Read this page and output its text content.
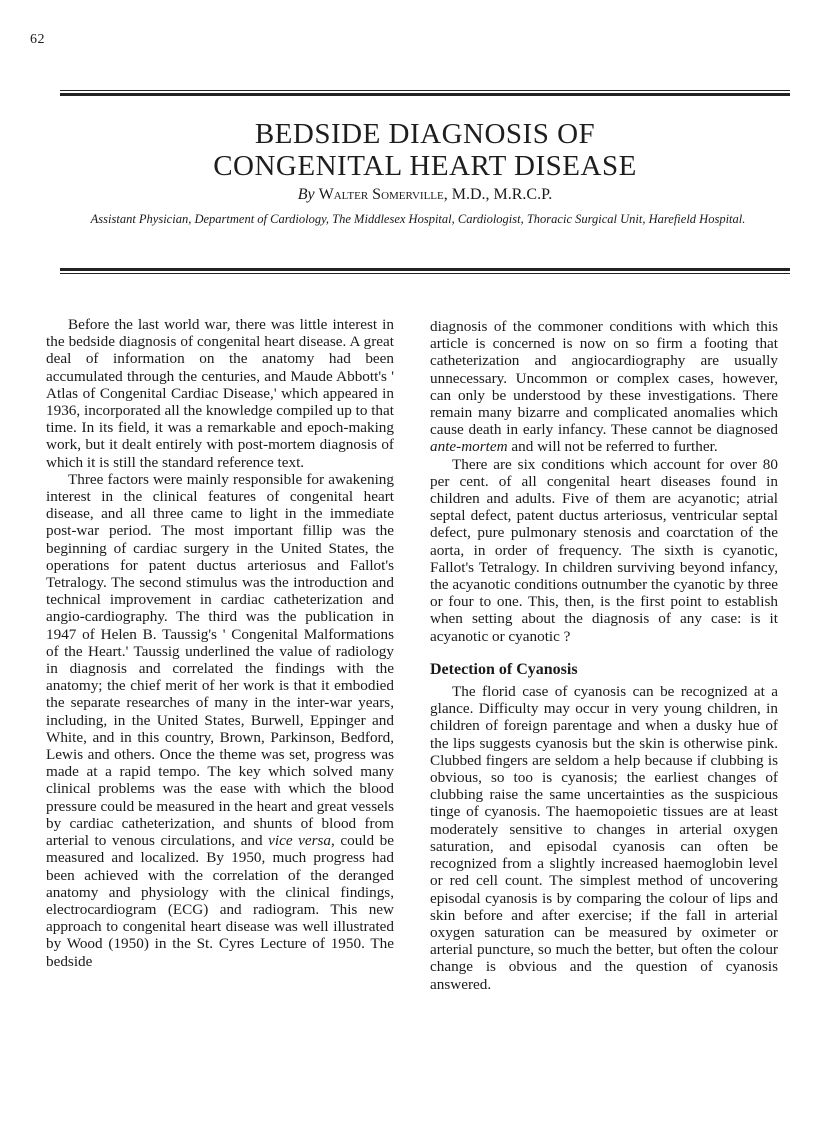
62
BEDSIDE DIAGNOSIS OF
CONGENITAL HEART DISEASE
By Walter Somerville, M.D., M.R.C.P.
Assistant Physician, Department of Cardiology, The Middlesex Hospital, Cardiologist, Thoracic Surgical Unit, Harefield Hospital.

Before the last world war, there was little interest in the bedside diagnosis of congenital heart disease. A great deal of information on the anatomy had been accumulated through the centuries, and Maude Abbott's ' Atlas of Congenital Cardiac Disease,' which appeared in 1936, incorporated all the knowledge compiled up to that time. In its field, it was a remarkable and epoch-making work, but it dealt entirely with post-mortem diagnosis of which it is still the standard reference text.

Three factors were mainly responsible for awakening interest in the clinical features of congenital heart disease, and all three came to light in the immediate post-war period. The most important fillip was the beginning of cardiac surgery in the United States, the operations for patent ductus arteriosus and Fallot's Tetralogy. The second stimulus was the introduction and technical improvement in cardiac catheterization and angio-cardiography. The third was the publication in 1947 of Helen B. Taussig's ' Congenital Malformations of the Heart.' Taussig underlined the value of radiology in diagnosis and correlated the findings with the anatomy; the chief merit of her work is that it embodied the separate researches of many in the inter-war years, including, in the United States, Burwell, Eppinger and White, and in this country, Brown, Parkinson, Bedford, Lewis and others. Once the theme was set, progress was made at a rapid tempo. The key which solved many clinical problems was the ease with which the blood pressure could be measured in the heart and great vessels by cardiac catheterization, and shunts of blood from arterial to venous circulations, and vice versa, could be measured and localized. By 1950, much progress had been achieved with the correlation of the deranged anatomy and physiology with the clinical findings, electrocardiogram (ECG) and radiogram. This new approach to congenital heart disease was well illustrated by Wood (1950) in the St. Cyres Lecture of 1950. The bedside

diagnosis of the commoner conditions with which this article is concerned is now on so firm a footing that catheterization and angiocardiography are usually unnecessary. Uncommon or complex cases, however, can only be understood by these investigations. There remain many bizarre and complicated anomalies which cause death in early infancy. These cannot be diagnosed ante-mortem and will not be referred to further.

There are six conditions which account for over 80 per cent. of all congenital heart diseases found in children and adults. Five of them are acyanotic; atrial septal defect, patent ductus arteriosus, ventricular septal defect, pure pulmonary stenosis and coarctation of the aorta, in order of frequency. The sixth is cyanotic, Fallot's Tetralogy. In children surviving beyond infancy, the acyanotic conditions outnumber the cyanotic by three or four to one. This, then, is the first point to establish when setting about the diagnosis of any case: is it acyanotic or cyanotic ?

Detection of Cyanosis

The florid case of cyanosis can be recognized at a glance. Difficulty may occur in very young children, in children of foreign parentage and when a dusky hue of the lips suggests cyanosis but the skin is otherwise pink. Clubbed fingers are seldom a help because if clubbing is obvious, so too is cyanosis; the earliest changes of clubbing raise the same uncertainties as the suspicious tinge of cyanosis. The haemopoietic tissues are at least moderately sensitive to changes in arterial oxygen saturation, and episodal cyanosis can often be recognized from a slightly increased haemoglobin level or red cell count. The simplest method of uncovering episodal cyanosis is by comparing the colour of lips and skin before and after exercise; if the fall in arterial oxygen saturation can be measured by oximeter or arterial puncture, so much the better, but often the colour change is obvious and the question of cyanosis answered.
